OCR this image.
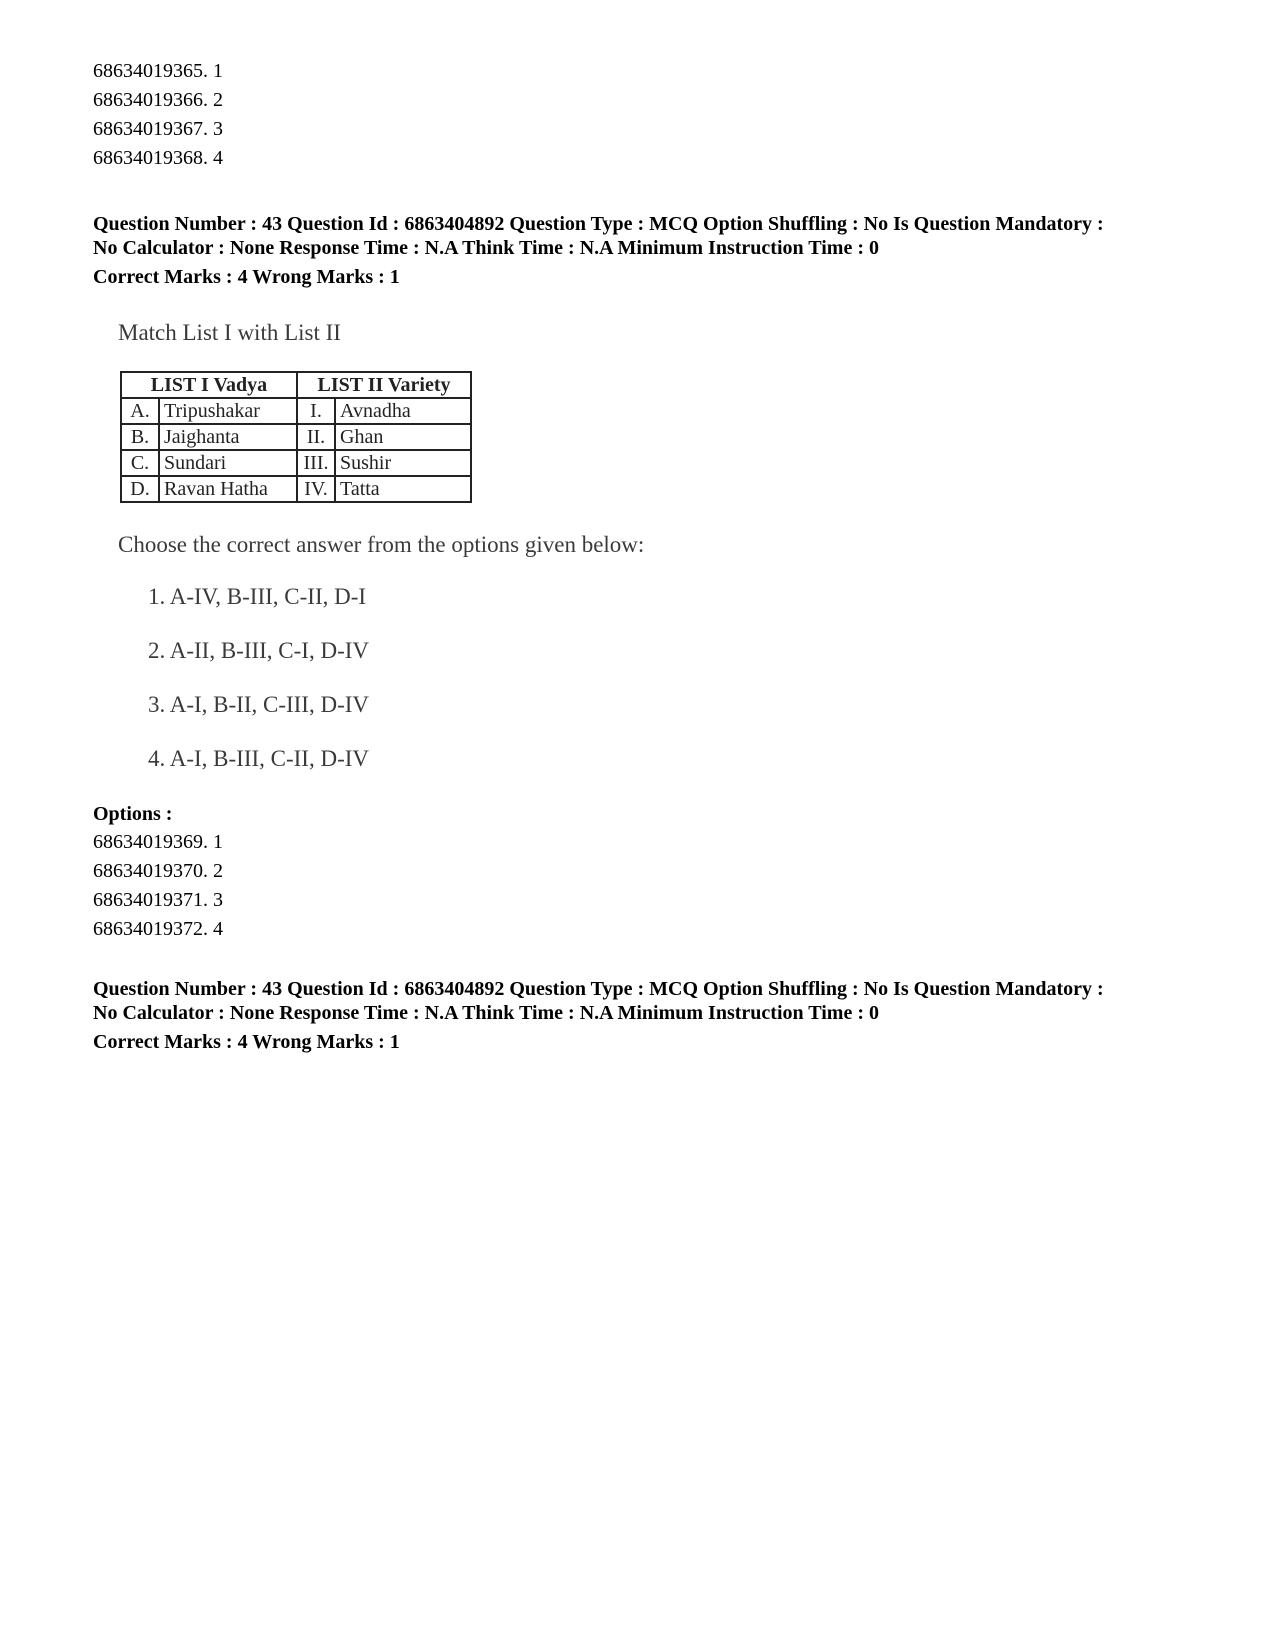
68634019365. 1
68634019366. 2
68634019367. 3
68634019368. 4
Question Number : 43 Question Id : 6863404892 Question Type : MCQ Option Shuffling : No Is Question Mandatory :
No Calculator : None Response Time : N.A Think Time : N.A Minimum Instruction Time : 0
Correct Marks : 4 Wrong Marks : 1
Match List I with List II
LIST I Vadya		LIST II Variety	
A.	Tripushakar	I.	Avnadha
B.	Jaighanta	II.	Ghan
C.	Sundari	III.	Sushir
D.	Ravan Hatha	IV.	Tatta
Choose the correct answer from the options given below:
1. A-IV, B-III, C-II, D-I
2. A-II, B-III, C-I, D-IV
3. A-I, B-II, C-III, D-IV
4. A-I, B-III, C-II, D-IV
Options :
68634019369. 1
68634019370. 2
68634019371. 3
68634019372. 4
Question Number : 43 Question Id : 6863404892 Question Type : MCQ Option Shuffling : No Is Question Mandatory :
No Calculator : None Response Time : N.A Think Time : N.A Minimum Instruction Time : 0
Correct Marks : 4 Wrong Marks : 1
